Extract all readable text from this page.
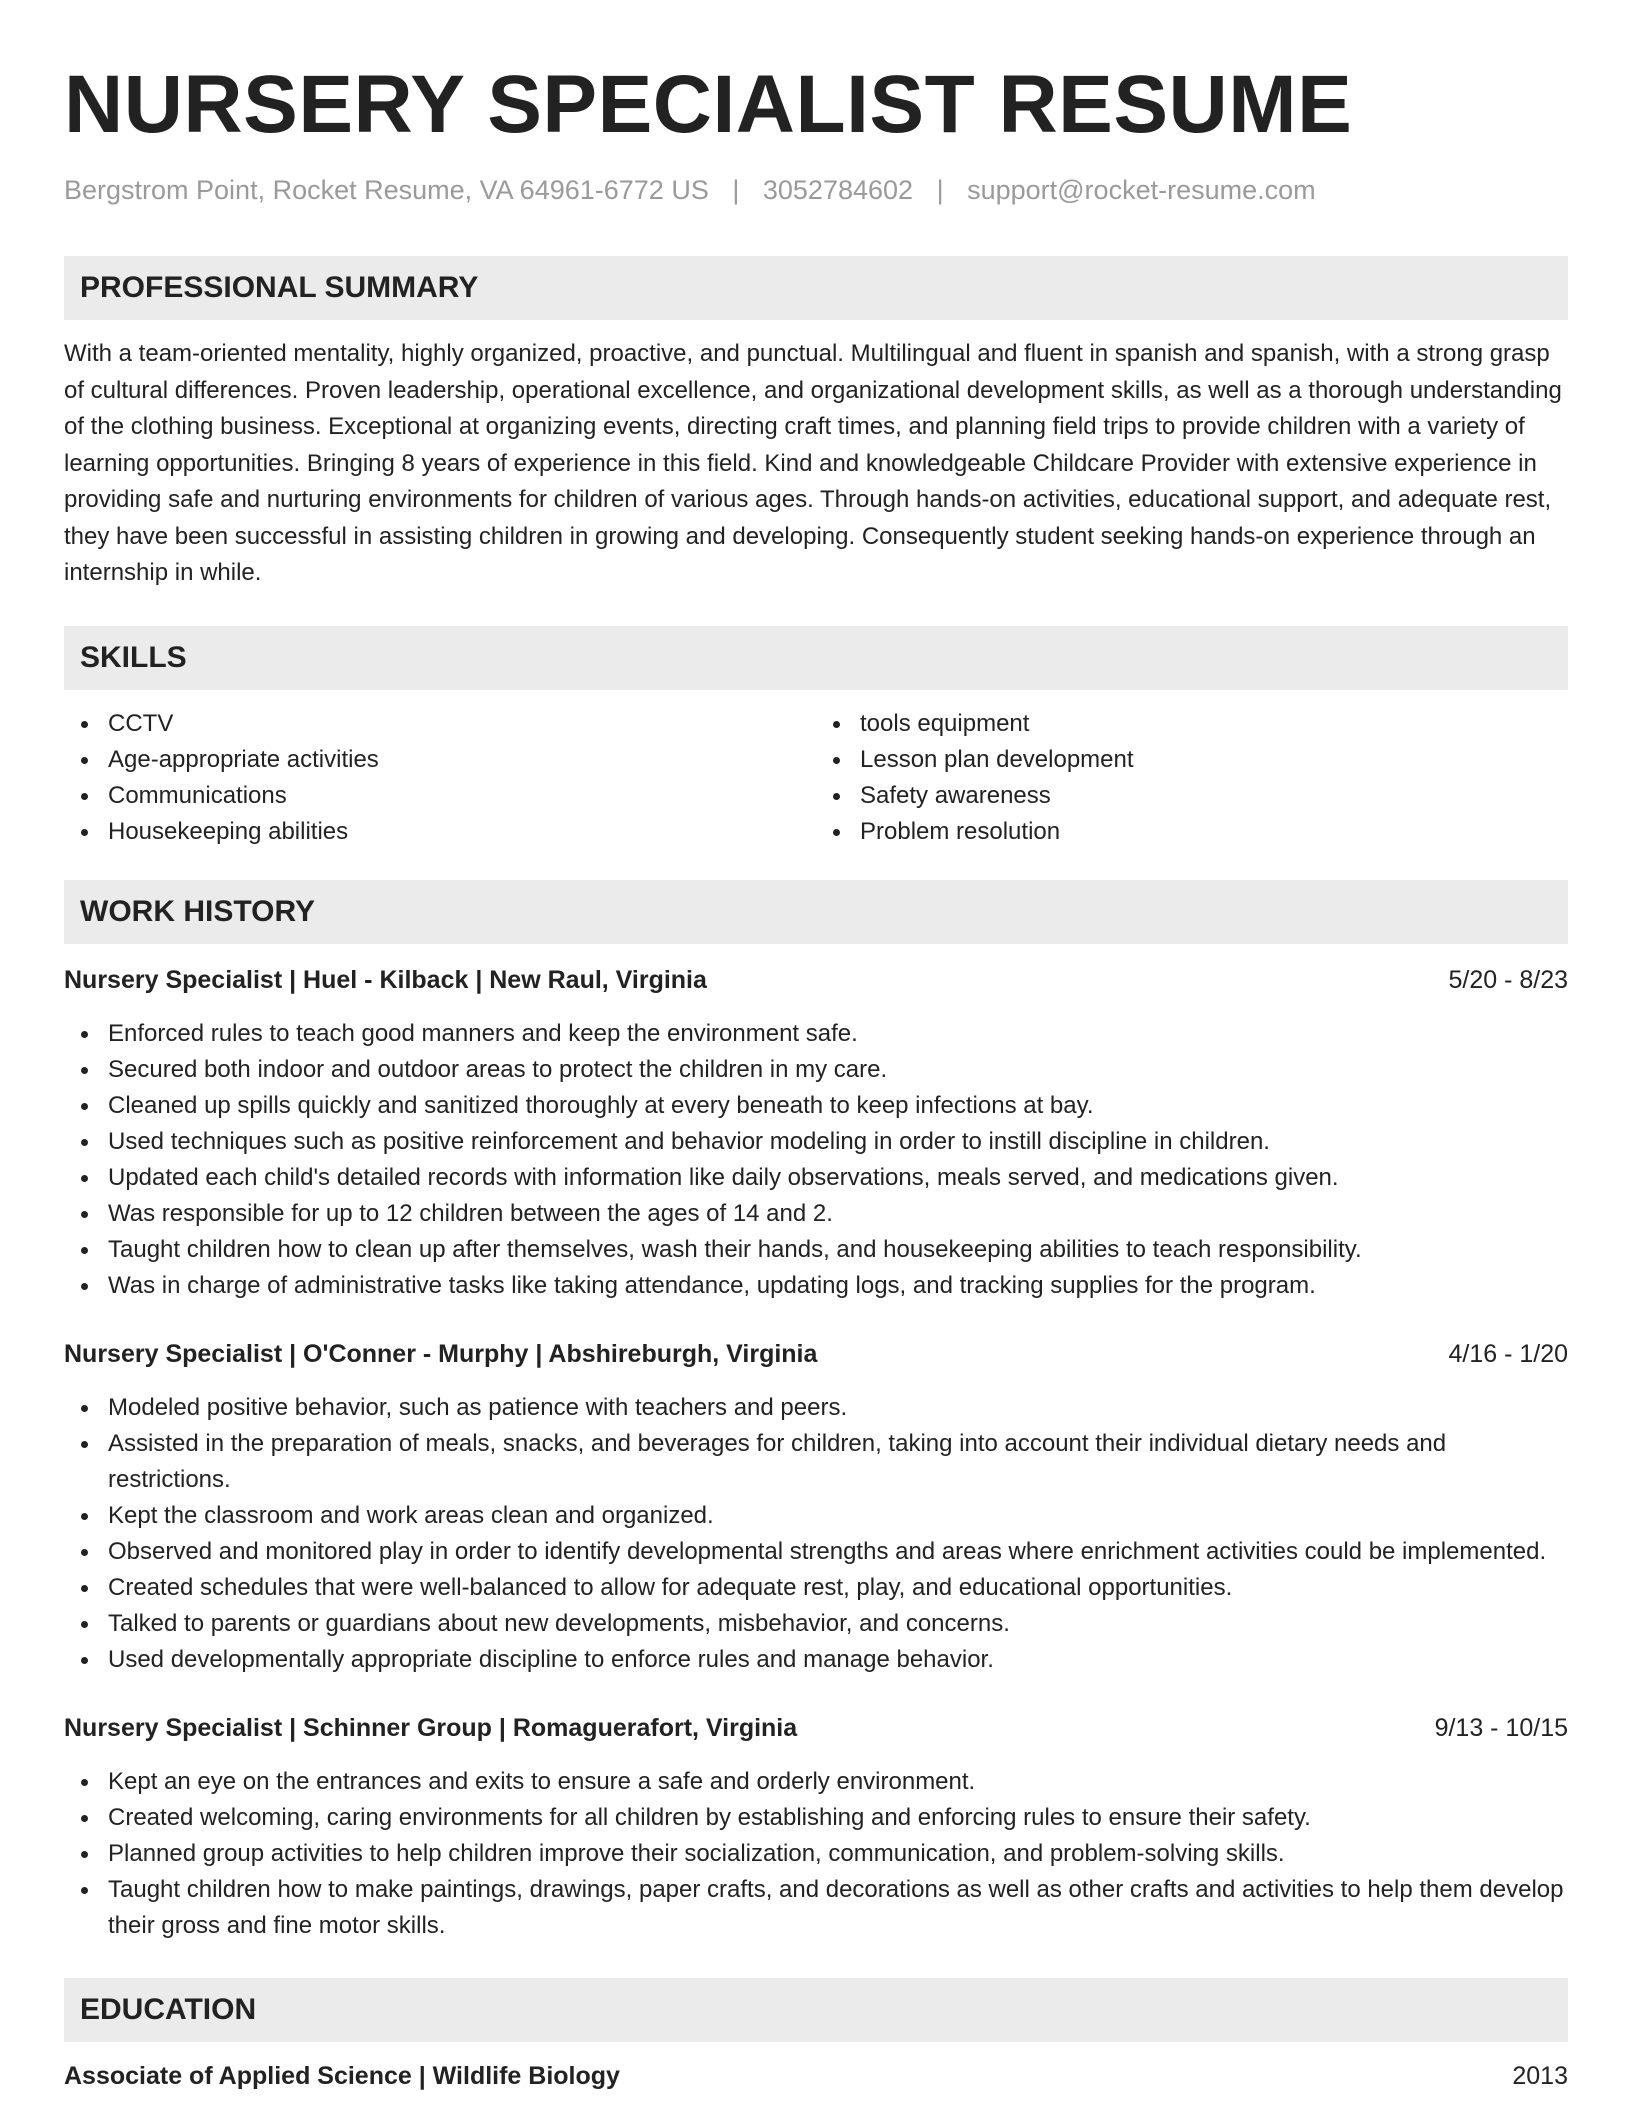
NURSERY SPECIALIST RESUME
Bergstrom Point, Rocket Resume, VA 64961-6772 US | 3052784602 | support@rocket-resume.com
PROFESSIONAL SUMMARY
With a team-oriented mentality, highly organized, proactive, and punctual. Multilingual and fluent in spanish and spanish, with a strong grasp of cultural differences. Proven leadership, operational excellence, and organizational development skills, as well as a thorough understanding of the clothing business. Exceptional at organizing events, directing craft times, and planning field trips to provide children with a variety of learning opportunities. Bringing 8 years of experience in this field. Kind and knowledgeable Childcare Provider with extensive experience in providing safe and nurturing environments for children of various ages. Through hands-on activities, educational support, and adequate rest, they have been successful in assisting children in growing and developing. Consequently student seeking hands-on experience through an internship in while.
SKILLS
CCTV
Age-appropriate activities
Communications
Housekeeping abilities
tools equipment
Lesson plan development
Safety awareness
Problem resolution
WORK HISTORY
Nursery Specialist | Huel - Kilback | New Raul, Virginia	5/20 - 8/23
Enforced rules to teach good manners and keep the environment safe.
Secured both indoor and outdoor areas to protect the children in my care.
Cleaned up spills quickly and sanitized thoroughly at every beneath to keep infections at bay.
Used techniques such as positive reinforcement and behavior modeling in order to instill discipline in children.
Updated each child's detailed records with information like daily observations, meals served, and medications given.
Was responsible for up to 12 children between the ages of 14 and 2.
Taught children how to clean up after themselves, wash their hands, and housekeeping abilities to teach responsibility.
Was in charge of administrative tasks like taking attendance, updating logs, and tracking supplies for the program.
Nursery Specialist | O'Conner - Murphy | Abshireburgh, Virginia	4/16 - 1/20
Modeled positive behavior, such as patience with teachers and peers.
Assisted in the preparation of meals, snacks, and beverages for children, taking into account their individual dietary needs and restrictions.
Kept the classroom and work areas clean and organized.
Observed and monitored play in order to identify developmental strengths and areas where enrichment activities could be implemented.
Created schedules that were well-balanced to allow for adequate rest, play, and educational opportunities.
Talked to parents or guardians about new developments, misbehavior, and concerns.
Used developmentally appropriate discipline to enforce rules and manage behavior.
Nursery Specialist | Schinner Group | Romaguerafort, Virginia	9/13 - 10/15
Kept an eye on the entrances and exits to ensure a safe and orderly environment.
Created welcoming, caring environments for all children by establishing and enforcing rules to ensure their safety.
Planned group activities to help children improve their socialization, communication, and problem-solving skills.
Taught children how to make paintings, drawings, paper crafts, and decorations as well as other crafts and activities to help them develop their gross and fine motor skills.
EDUCATION
Associate of Applied Science | Wildlife Biology	2013
